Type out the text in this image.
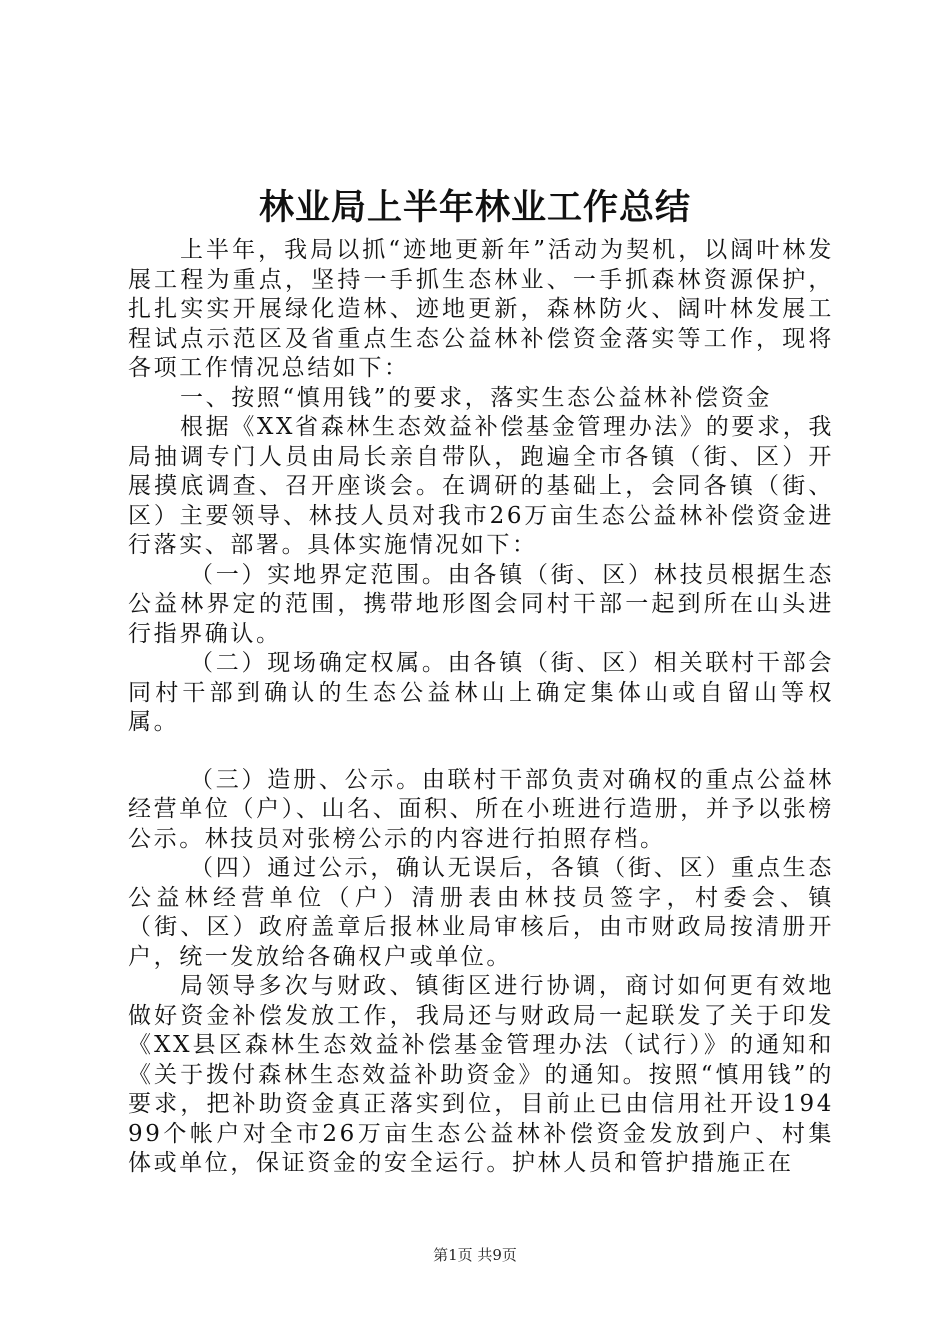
林业局上半年林业工作总结

上半年，我局以抓“迹地更新年”活动为契机，以阔叶林发展工程为重点，坚持一手抓生态林业、一手抓森林资源保护，扎扎实实开展绿化造林、迹地更新，森林防火、阔叶林发展工程试点示范区及省重点生态公益林补偿资金落实等工作，现将各项工作情况总结如下：

一、按照“慎用钱”的要求，落实生态公益林补偿资金

根据《XX省森林生态效益补偿基金管理办法》的要求，我局抽调专门人员由局长亲自带队，跑遍全市各镇（街、区）开展摸底调查、召开座谈会。在调研的基础上，会同各镇（街、区）主要领导、林技人员对我市26万亩生态公益林补偿资金进行落实、部署。具体实施情况如下：

（一）实地界定范围。由各镇（街、区）林技员根据生态公益林界定的范围，携带地形图会同村干部一起到所在山头进行指界确认。

（二）现场确定权属。由各镇（街、区）相关联村干部会同村干部到确认的生态公益林山上确定集体山或自留山等权属。

（三）造册、公示。由联村干部负责对确权的重点公益林经营单位（户）、山名、面积、所在小班进行造册，并予以张榜公示。林技员对张榜公示的内容进行拍照存档。

（四）通过公示，确认无误后，各镇（街、区）重点生态公益林经营单位（户）清册表由林技员签字，村委会、镇（街、区）政府盖章后报林业局审核后，由市财政局按清册开户，统一发放给各确权户或单位。

局领导多次与财政、镇街区进行协调，商讨如何更有效地做好资金补偿发放工作，我局还与财政局一起联发了关于印发《XX县区森林生态效益补偿基金管理办法（试行）》的通知和《关于拨付森林生态效益补助资金》的通知。按照“慎用钱”的要求，把补助资金真正落实到位，目前止已由信用社开设19499个帐户对全市26万亩生态公益林补偿资金发放到户、村集体或单位，保证资金的安全运行。护林人员和管护措施正在

第1页 共9页
